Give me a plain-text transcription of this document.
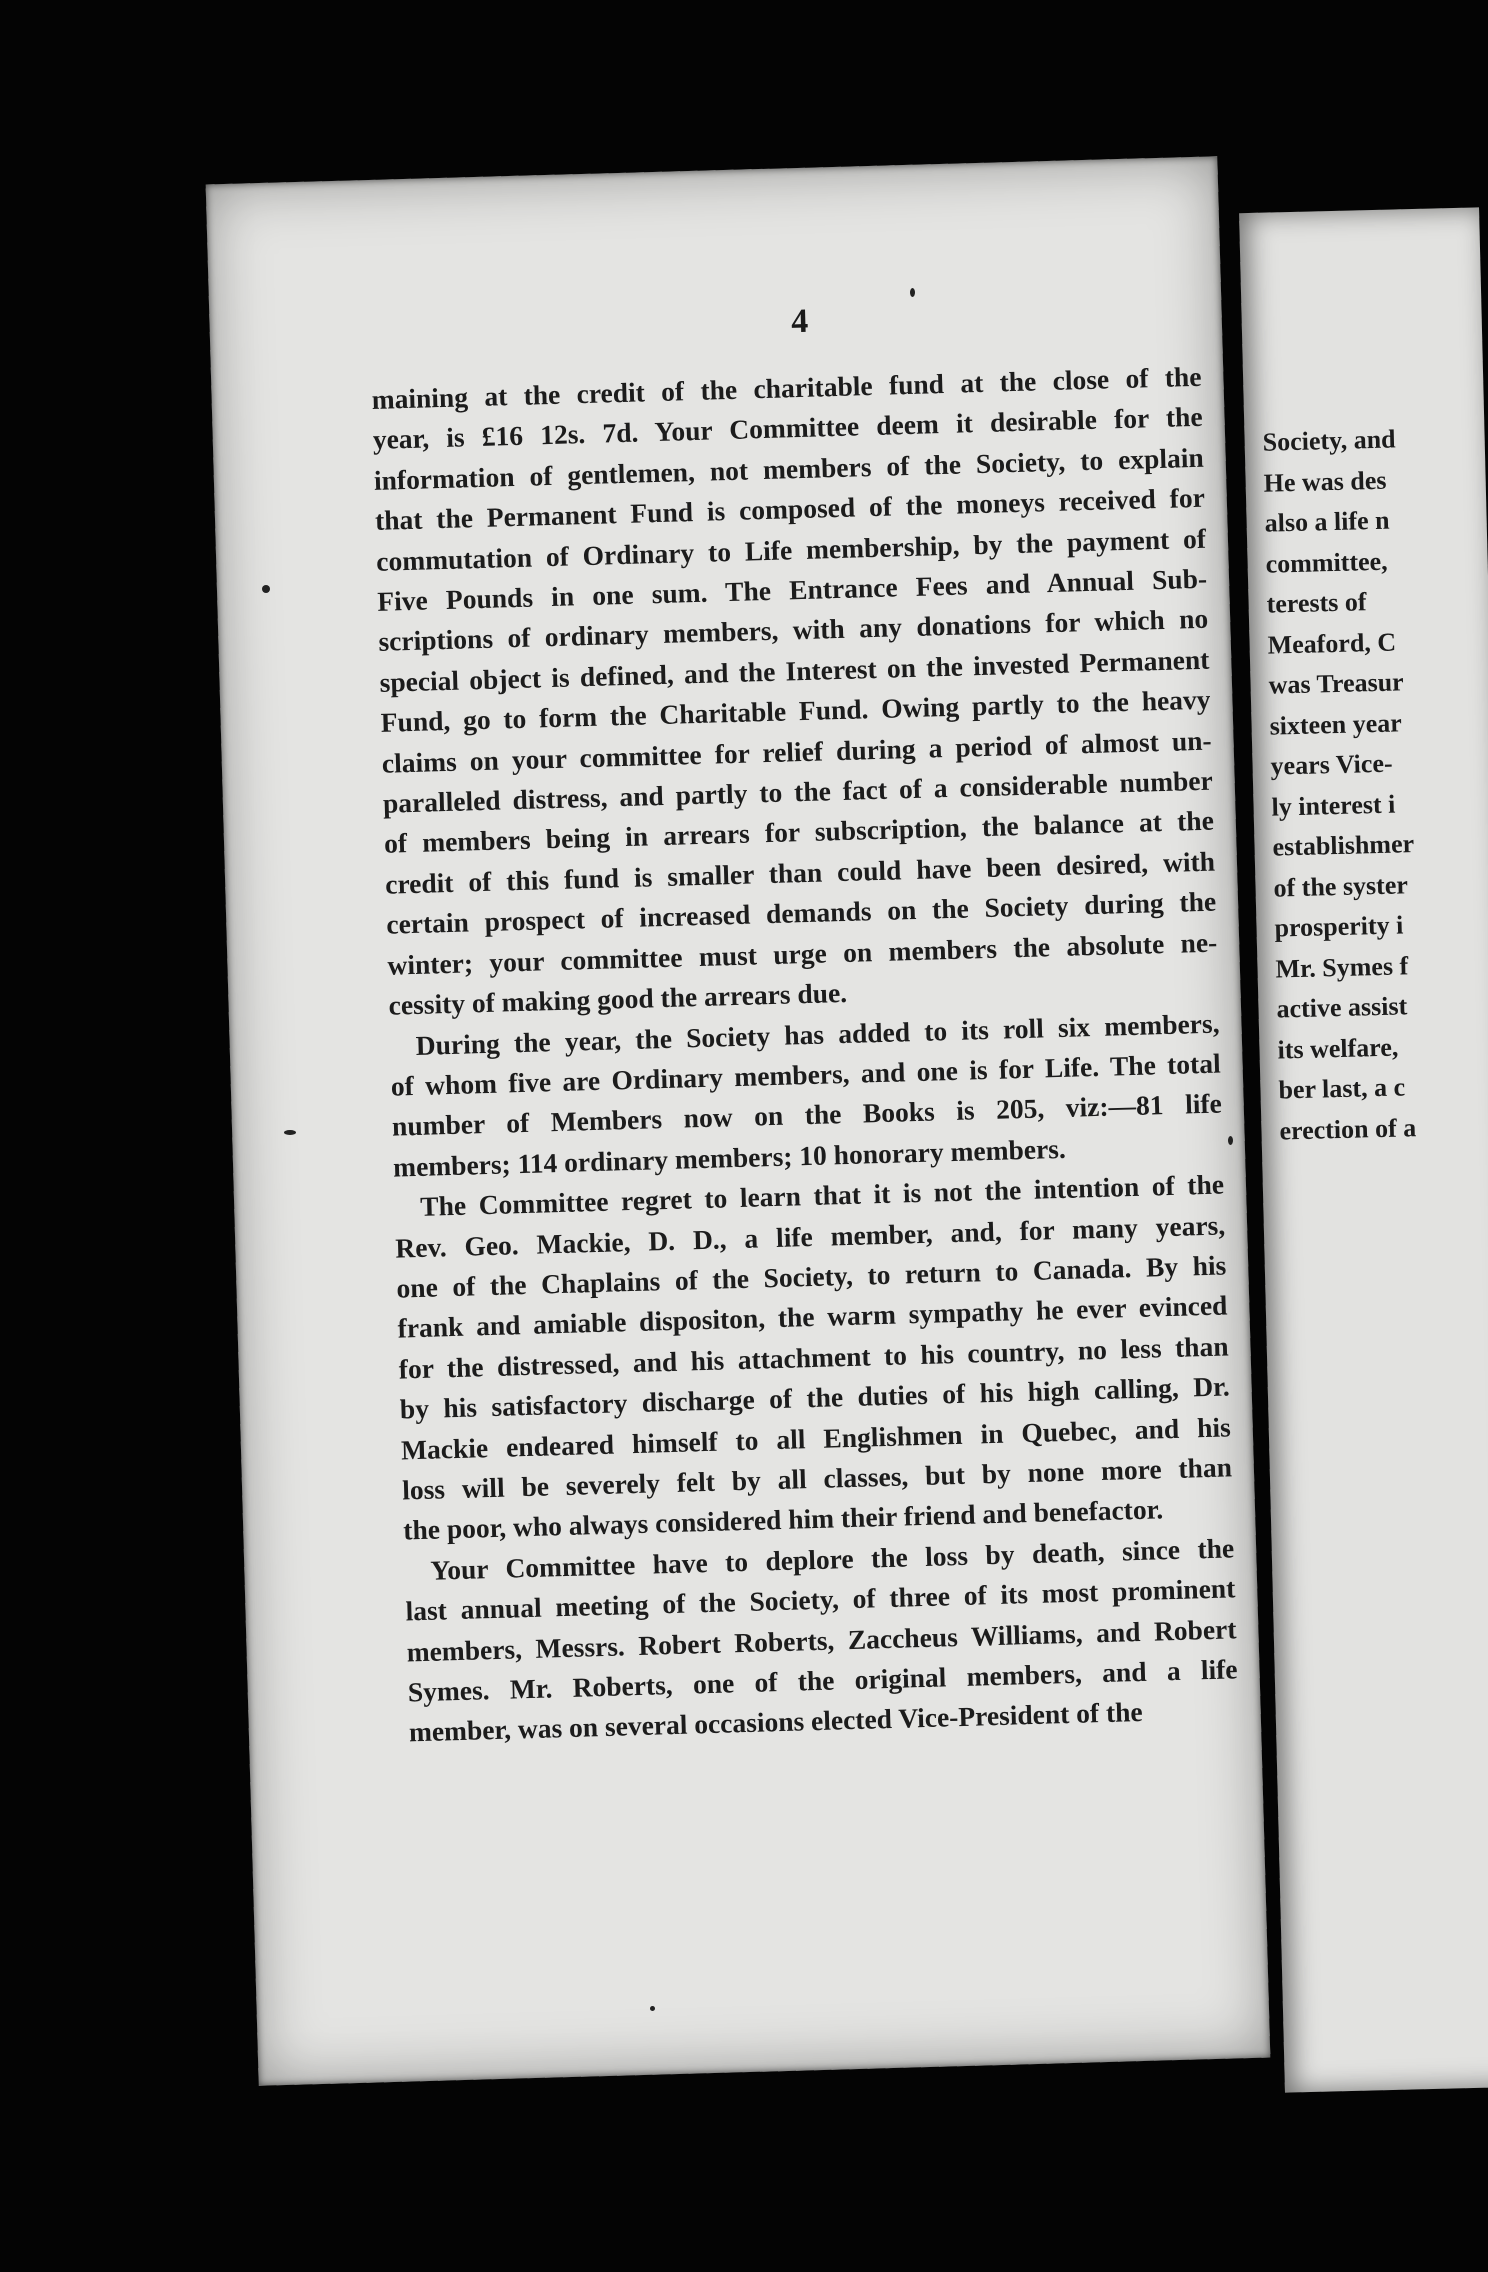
4

maining at the credit of the charitable fund at the close of the
year, is £16 12s. 7d. Your Committee deem it desirable for the
information of gentlemen, not members of the Society, to explain
that the Permanent Fund is composed of the moneys received for
commutation of Ordinary to Life membership, by the payment of
Five Pounds in one sum. The Entrance Fees and Annual Sub-
scriptions of ordinary members, with any donations for which no
special object is defined, and the Interest on the invested Permanent
Fund, go to form the Charitable Fund. Owing partly to the heavy
claims on your committee for relief during a period of almost un-
paralleled distress, and partly to the fact of a considerable number
of members being in arrears for subscription, the balance at the
credit of this fund is smaller than could have been desired, with
certain prospect of increased demands on the Society during the
winter; your committee must urge on members the absolute ne-
cessity of making good the arrears due.

During the year, the Society has added to its roll six members,
of whom five are Ordinary members, and one is for Life. The total
number of Members now on the Books is 205, viz:—81 life
members; 114 ordinary members; 10 honorary members.

The Committee regret to learn that it is not the intention of the
Rev. Geo. Mackie, D. D., a life member, and, for many years,
one of the Chaplains of the Society, to return to Canada. By his
frank and amiable dispositon, the warm sympathy he ever evinced
for the distressed, and his attachment to his country, no less than
by his satisfactory discharge of the duties of his high calling, Dr.
Mackie endeared himself to all Englishmen in Quebec, and his
loss will be severely felt by all classes, but by none more than
the poor, who always considered him their friend and benefactor.

Your Committee have to deplore the loss by death, since the
last annual meeting of the Society, of three of its most prominent
members, Messrs. Robert Roberts, Zaccheus Williams, and Robert
Symes. Mr. Roberts, one of the original members, and a life
member, was on several occasions elected Vice-President of the

Society, and
He was des
also a life n
committee,
terests of
Meaford, C
was Treasur
sixteen year
years Vice-
ly interest i
establishmer
of the syster
prosperity i
Mr. Symes f
active assist
its welfare,
ber last, a c
erection of a
